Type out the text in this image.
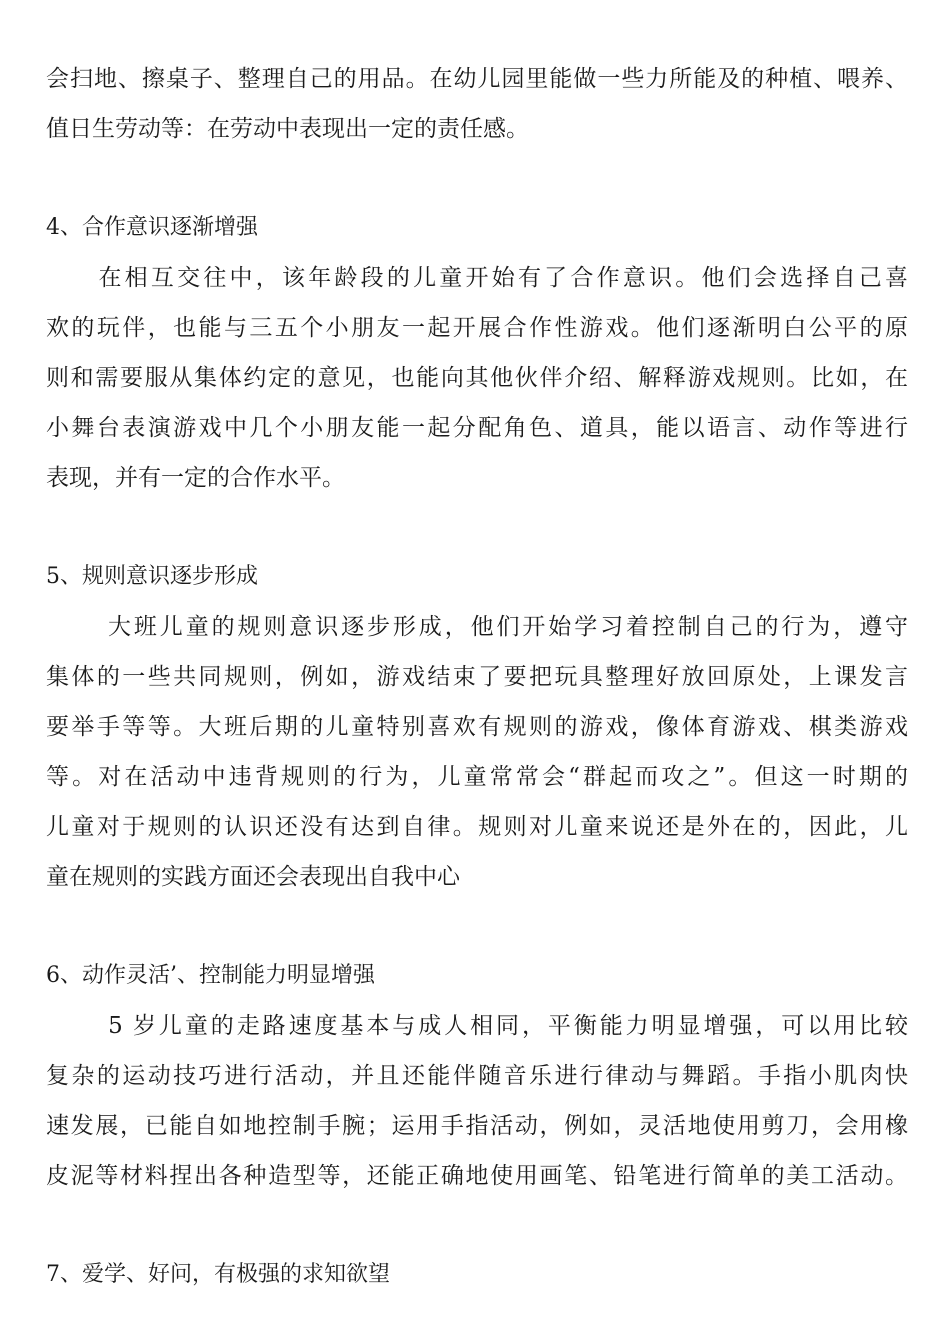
会扫地、擦桌子、整理自己的用品。在幼儿园里能做一些力所能及的种植、喂养、
值日生劳动等：在劳动中表现出一定的责任感。
4、合作意识逐渐增强
　　在相互交往中，该年龄段的儿童开始有了合作意识。他们会选择自己喜
欢的玩伴，也能与三五个小朋友一起开展合作性游戏。他们逐渐明白公平的原
则和需要服从集体约定的意见，也能向其他伙伴介绍、解释游戏规则。比如，在
小舞台表演游戏中几个小朋友能一起分配角色、道具，能以语言、动作等进行
表现，并有一定的合作水平。
5、规则意识逐步形成
　　 大班儿童的规则意识逐步形成，他们开始学习着控制自己的行为，遵守
集体的一些共同规则，例如，游戏结束了要把玩具整理好放回原处，上课发言
要举手等等。大班后期的儿童特别喜欢有规则的游戏，像体育游戏、棋类游戏
等。对在活动中违背规则的行为，儿童常常会“群起而攻之”。但这一时期的
儿童对于规则的认识还没有达到自律。规则对儿童来说还是外在的，因此，儿
童在规则的实践方面还会表现出自我中心
6、动作灵活’、控制能力明显增强
　　 5 岁儿童的走路速度基本与成人相同，平衡能力明显增强，可以用比较
复杂的运动技巧进行活动，并且还能伴随音乐进行律动与舞蹈。手指小肌肉快
速发展，已能自如地控制手腕；运用手指活动，例如，灵活地使用剪刀，会用橡
皮泥等材料捏出各种造型等，还能正确地使用画笔、铅笔进行简单的美工活动。
7、爱学、好问，有极强的求知欲望
